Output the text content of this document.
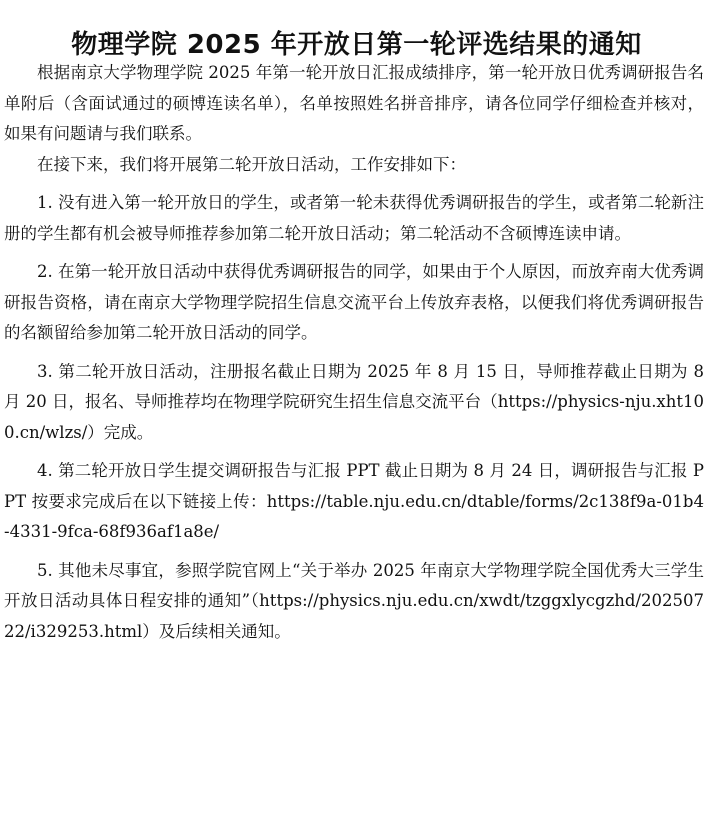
物理学院 2025 年开放日第一轮评选结果的通知

根据南京大学物理学院 2025 年第一轮开放日汇报成绩排序，第一轮开放日优秀调研报告名单附后（含面试通过的硕博连读名单），名单按照姓名拼音排序，请各位同学仔细检查并核对，如果有问题请与我们联系。

在接下来，我们将开展第二轮开放日活动，工作安排如下：

1. 没有进入第一轮开放日的学生，或者第一轮未获得优秀调研报告的学生，或者第二轮新注册的学生都有机会被导师推荐参加第二轮开放日活动；第二轮活动不含硕博连读申请。

2. 在第一轮开放日活动中获得优秀调研报告的同学，如果由于个人原因，而放弃南大优秀调研报告资格，请在南京大学物理学院招生信息交流平台上传放弃表格，以便我们将优秀调研报告的名额留给参加第二轮开放日活动的同学。

3. 第二轮开放日活动，注册报名截止日期为 2025 年 8 月 15 日，导师推荐截止日期为 8 月 20 日，报名、导师推荐均在物理学院研究生招生信息交流平台（https://physics-nju.xht100.cn/wlzs/）完成。

4. 第二轮开放日学生提交调研报告与汇报 PPT 截止日期为 8 月 24 日，调研报告与汇报 PPT 按要求完成后在以下链接上传：https://table.nju.edu.cn/dtable/forms/2c138f9a-01b4-4331-9fca-68f936af1a8e/

5. 其他未尽事宜，参照学院官网上“关于举办 2025 年南京大学物理学院全国优秀大三学生开放日活动具体日程安排的通知”（https://physics.nju.edu.cn/xwdt/tzggxlycgzhd/20250722/i329253.html）及后续相关通知。
